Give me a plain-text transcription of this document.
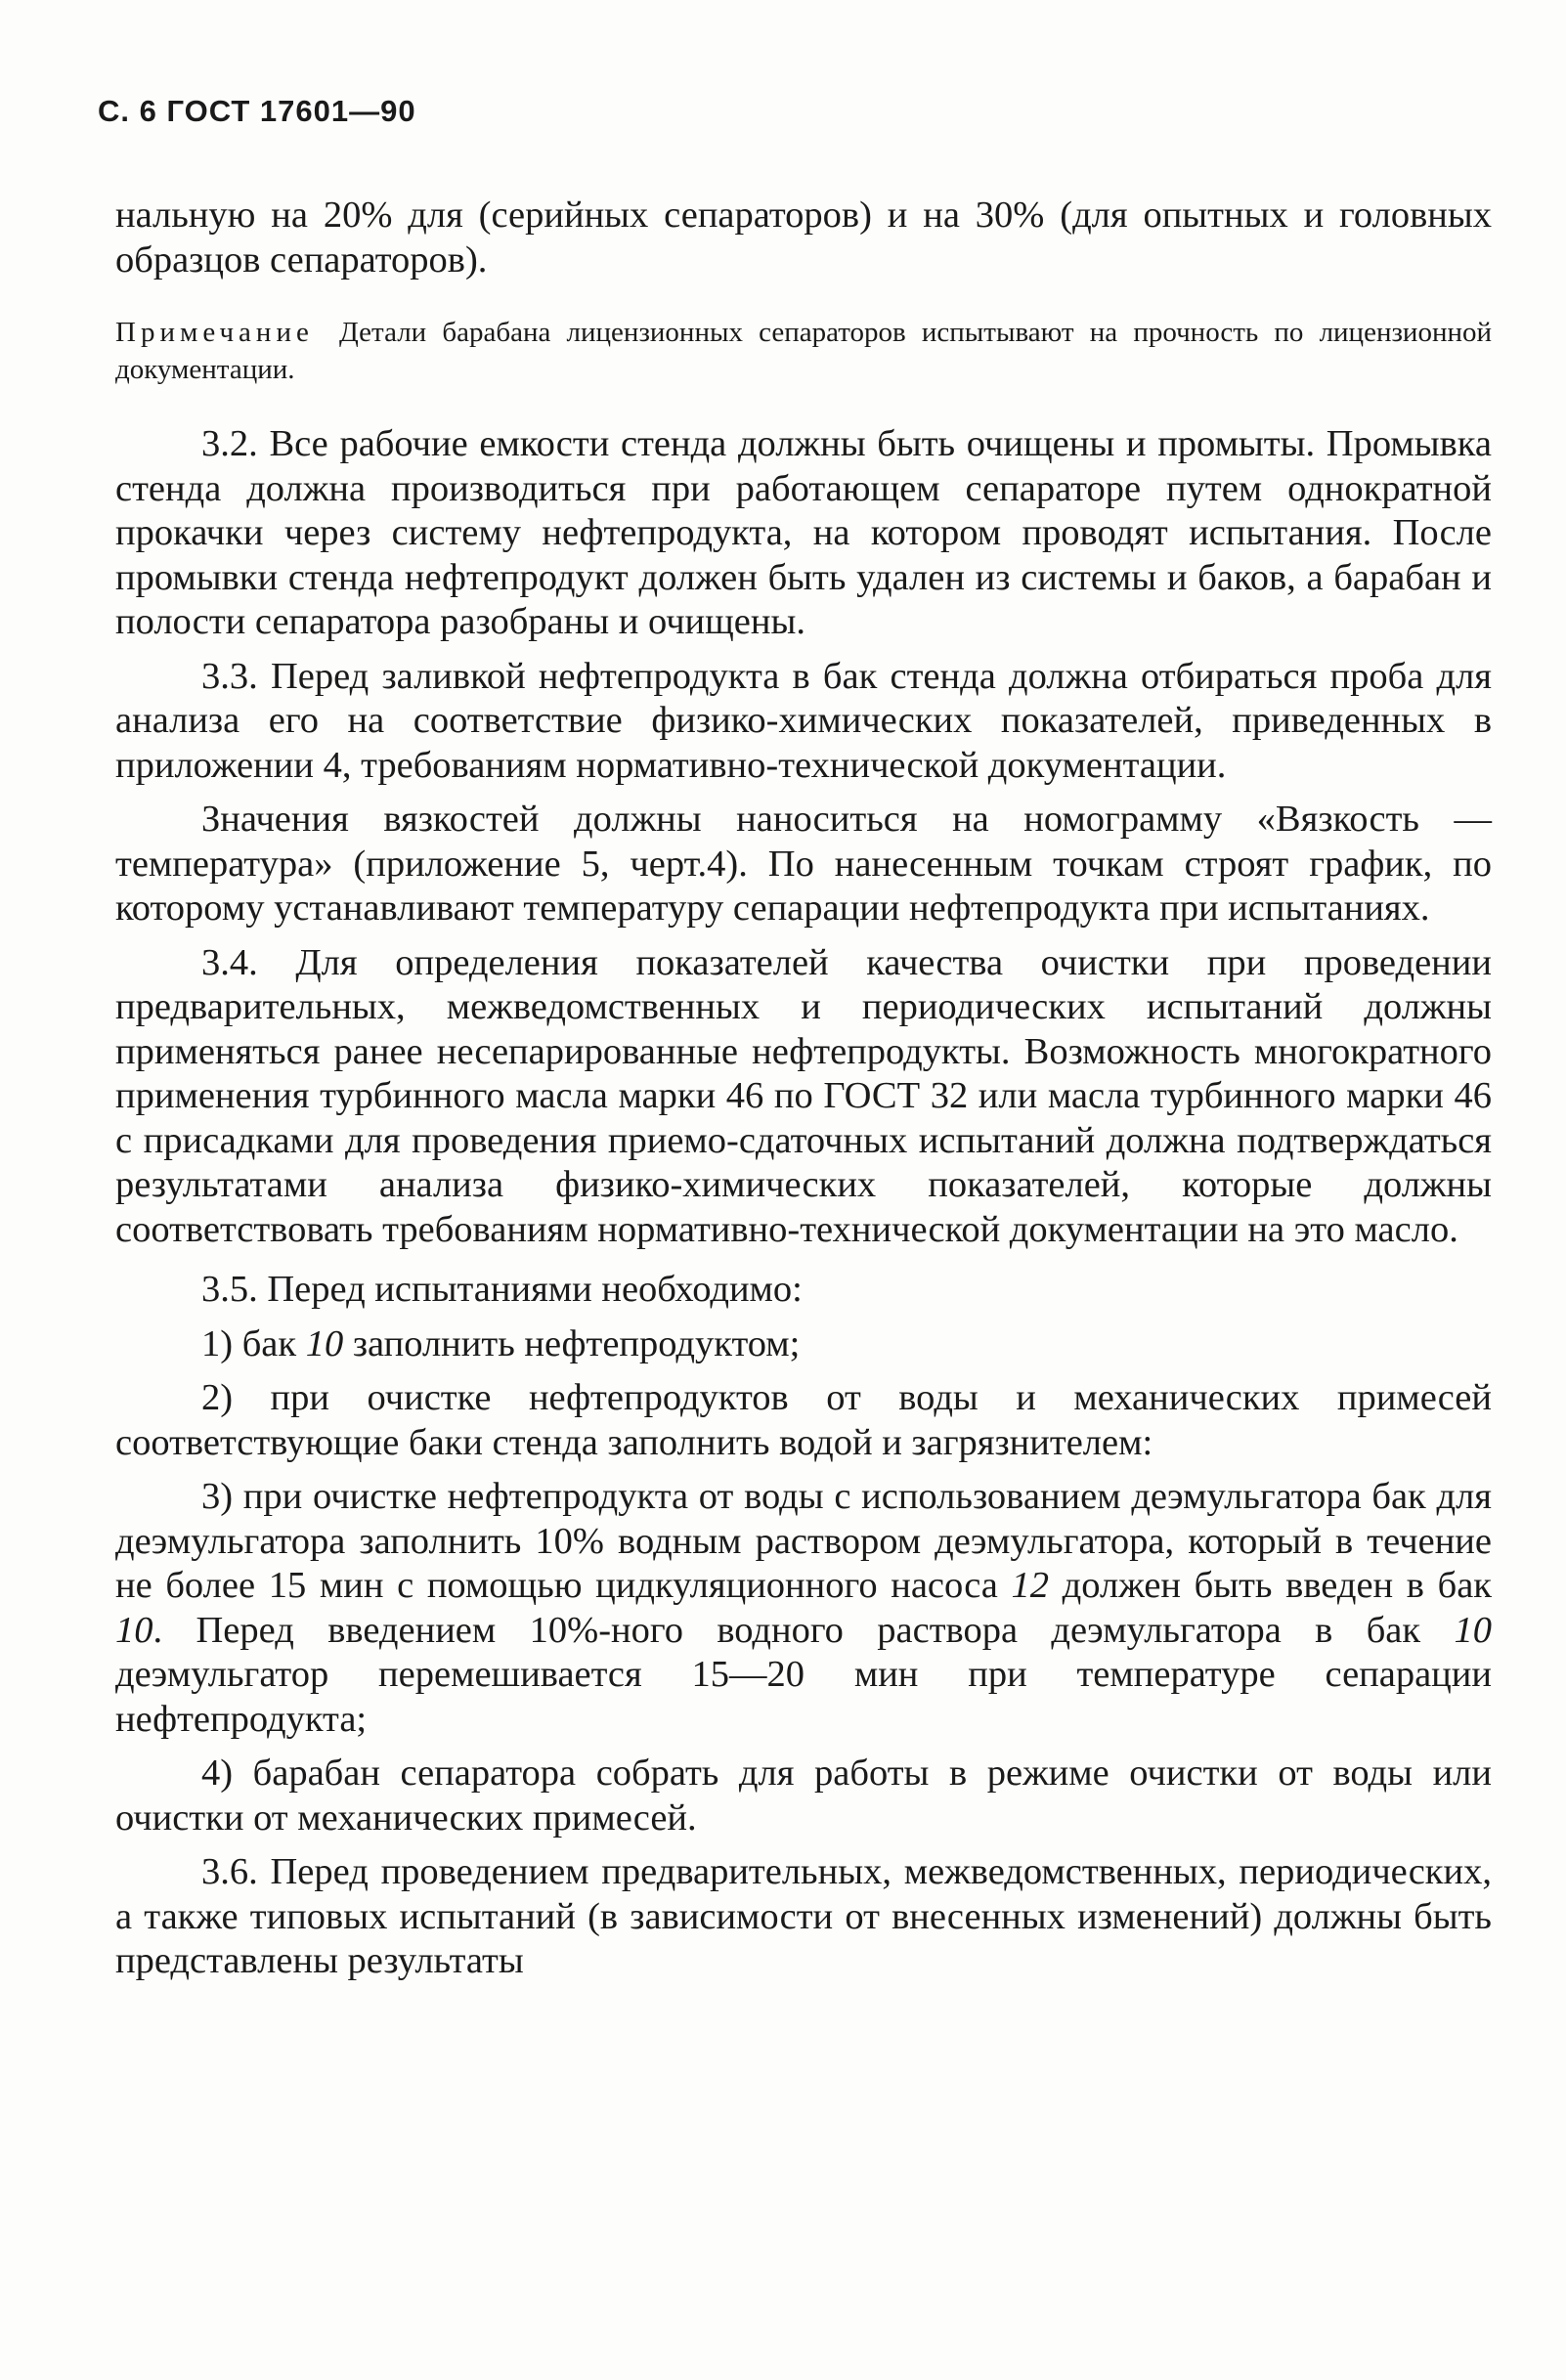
С. 6 ГОСТ 17601—90

нальную на 20% для (серийных сепараторов) и на 30% (для опытных и головных образцов сепараторов).

Примечание Детали барабана лицензионных сепараторов испытывают на прочность по лицензионной документации.

3.2. Все рабочие емкости стенда должны быть очищены и промыты. Промывка стенда должна производиться при работающем сепараторе путем однократной прокачки через систему нефтепродукта, на котором проводят испытания. После промывки стенда нефтепродукт должен быть удален из системы и баков, а барабан и полости сепаратора разобраны и очищены.

3.3. Перед заливкой нефтепродукта в бак стенда должна отбираться проба для анализа его на соответствие физико-химических показателей, приведенных в приложении 4, требованиям нормативно-технической документации.

Значения вязкостей должны наноситься на номограмму «Вязкость — температура» (приложение 5, черт.4). По нанесенным точкам строят график, по которому устанавливают температуру сепарации нефтепродукта при испытаниях.

3.4. Для определения показателей качества очистки при проведении предварительных, межведомственных и периодических испытаний должны применяться ранее несепарированные нефтепродукты. Возможность многократного применения турбинного масла марки 46 по ГОСТ 32 или масла турбинного марки 46 с присадками для проведения приемо-сдаточных испытаний должна подтверждаться результатами анализа физико-химических показателей, которые должны соответствовать требованиям нормативно-технической документации на это масло.

3.5. Перед испытаниями необходимо:

1) бак 10 заполнить нефтепродуктом;

2) при очистке нефтепродуктов от воды и механических примесей соответствующие баки стенда заполнить водой и загрязнителем:

3) при очистке нефтепродукта от воды с использованием деэмульгатора бак для деэмульгатора заполнить 10% водным раствором деэмульгатора, который в течение не более 15 мин с помощью цидкуляционного насоса 12 должен быть введен в бак 10. Перед введением 10%-ного водного раствора деэмульгатора в бак 10 деэмульгатор перемешивается 15—20 мин при температуре сепарации нефтепродукта;

4) барабан сепаратора собрать для работы в режиме очистки от воды или очистки от механических примесей.

3.6. Перед проведением предварительных, межведомственных, периодических, а также типовых испытаний (в зависимости от внесенных изменений) должны быть представлены результаты
